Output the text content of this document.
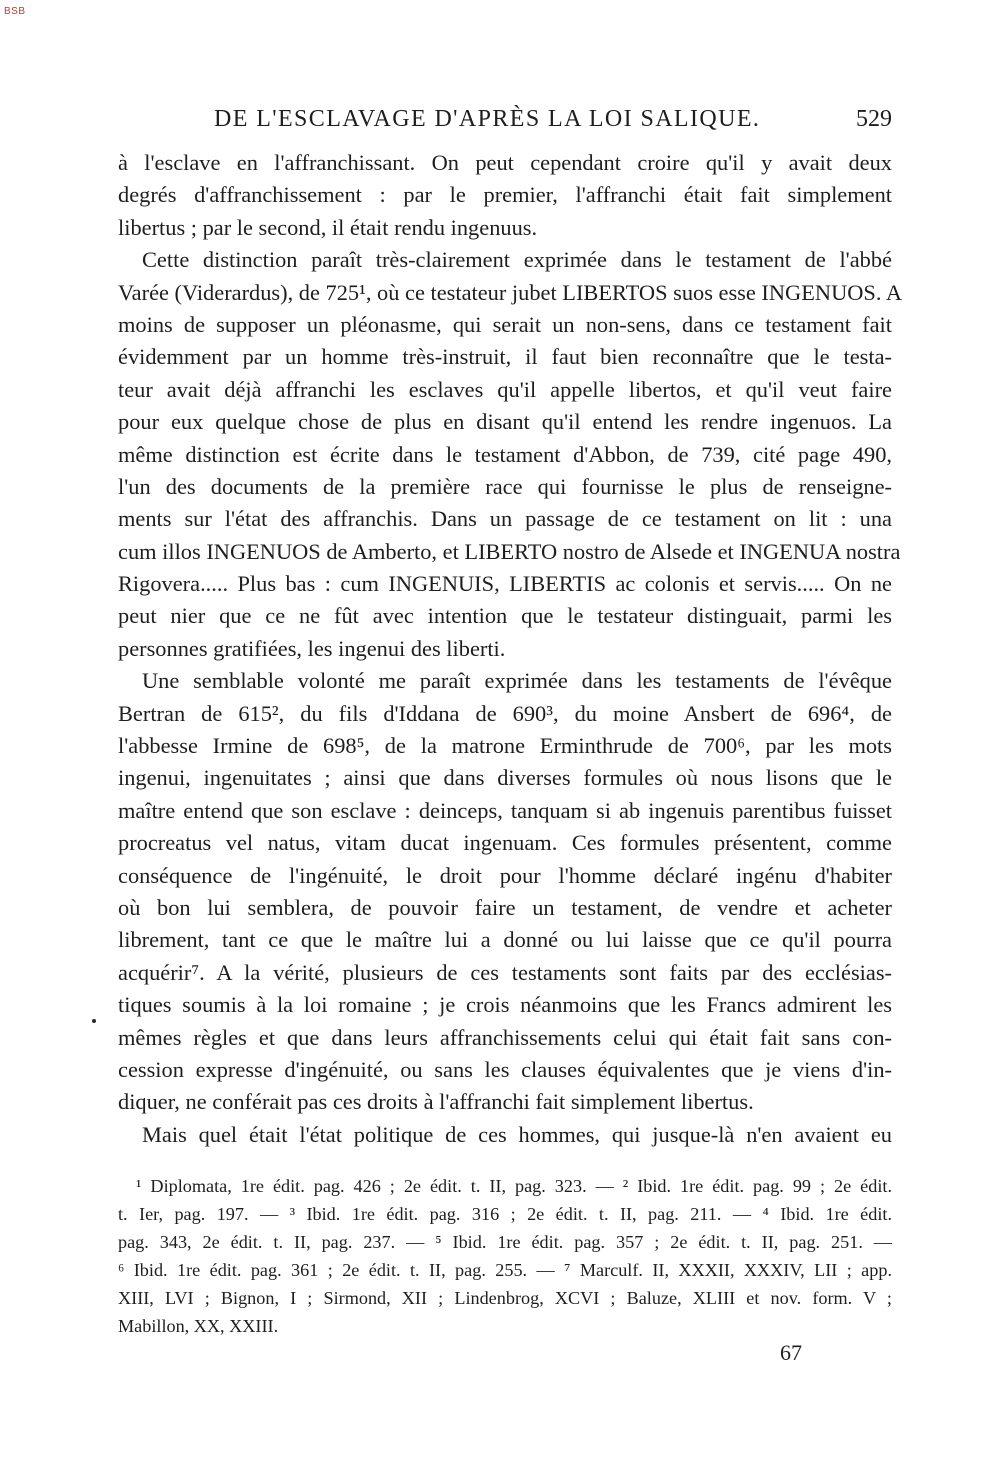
BSB
DE L'ESCLAVAGE D'APRÈS LA LOI SALIQUE.	529
à l'esclave en l'affranchissant. On peut cependant croire qu'il y avait deux
degrés d'affranchissement : par le premier, l'affranchi était fait simplement
libertus ; par le second, il était rendu ingenuus.
Cette distinction paraît très-clairement exprimée dans le testament de l'abbé
Varée (Viderardus), de 725¹, où ce testateur jubet LIBERTOS suos esse INGENUOS. A
moins de supposer un pléonasme, qui serait un non-sens, dans ce testament fait
évidemment par un homme très-instruit, il faut bien reconnaître que le testa-
teur avait déjà affranchi les esclaves qu'il appelle libertos, et qu'il veut faire
pour eux quelque chose de plus en disant qu'il entend les rendre ingenuos. La
même distinction est écrite dans le testament d'Abbon, de 739, cité page 490,
l'un des documents de la première race qui fournisse le plus de renseigne-
ments sur l'état des affranchis. Dans un passage de ce testament on lit : una
cum illos INGENUOS de Amberto, et LIBERTO nostro de Alsede et INGENUA nostra
Rigovera..... Plus bas : cum INGENUIS, LIBERTIS ac colonis et servis..... On ne
peut nier que ce ne fût avec intention que le testateur distinguait, parmi les
personnes gratifiées, les ingenui des liberti.
Une semblable volonté me paraît exprimée dans les testaments de l'évêque
Bertran de 615², du fils d'Iddana de 690³, du moine Ansbert de 696⁴, de
l'abbesse Irmine de 698⁵, de la matrone Erminthrude de 700⁶, par les mots
ingenui, ingenuitates ; ainsi que dans diverses formules où nous lisons que le
maître entend que son esclave : deinceps, tanquam si ab ingenuis parentibus fuisset
procreatus vel natus, vitam ducat ingenuam. Ces formules présentent, comme
conséquence de l'ingénuité, le droit pour l'homme déclaré ingénu d'habiter
où bon lui semblera, de pouvoir faire un testament, de vendre et acheter
librement, tant ce que le maître lui a donné ou lui laisse que ce qu'il pourra
acquérir⁷. A la vérité, plusieurs de ces testaments sont faits par des ecclésias-
tiques soumis à la loi romaine ; je crois néanmoins que les Francs admirent les
mêmes règles et que dans leurs affranchissements celui qui était fait sans con-
cession expresse d'ingénuité, ou sans les clauses équivalentes que je viens d'in-
diquer, ne conférait pas ces droits à l'affranchi fait simplement libertus.
Mais quel était l'état politique de ces hommes, qui jusque-là n'en avaient eu
¹ Diplomata, 1re édit. pag. 426 ; 2e édit. t. II, pag. 323. — ² Ibid. 1re édit. pag. 99 ; 2e édit.
t. Ier, pag. 197. — ³ Ibid. 1re édit. pag. 316 ; 2e édit. t. II, pag. 211. — ⁴ Ibid. 1re édit.
pag. 343, 2e édit. t. II, pag. 237. — ⁵ Ibid. 1re édit. pag. 357 ; 2e édit. t. II, pag. 251. —
⁶ Ibid. 1re édit. pag. 361 ; 2e édit. t. II, pag. 255. — ⁷ Marculf. II, XXXII, XXXIV, LII ; app.
XIII, LVI ; Bignon, I ; Sirmond, XII ; Lindenbrog, XCVI ; Baluze, XLIII et nov. form. V ;
Mabillon, XX, XXIII.
67
